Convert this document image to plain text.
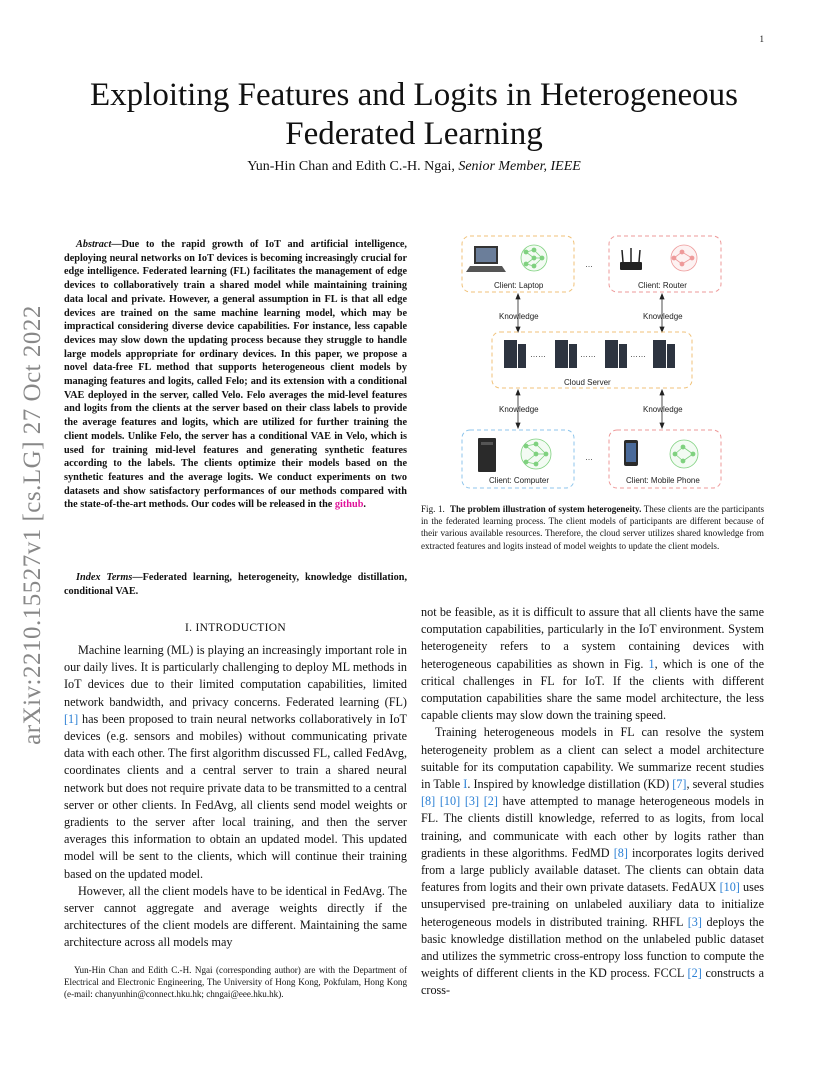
1
arXiv:2210.15527v1 [cs.LG] 27 Oct 2022
Exploiting Features and Logits in Heterogeneous Federated Learning
Yun-Hin Chan and Edith C.-H. Ngai, Senior Member, IEEE
Abstract—Due to the rapid growth of IoT and artificial intelligence, deploying neural networks on IoT devices is becoming increasingly crucial for edge intelligence. Federated learning (FL) facilitates the management of edge devices to collaboratively train a shared model while maintaining training data local and private. However, a general assumption in FL is that all edge devices are trained on the same machine learning model, which may be impractical considering diverse device capabilities. For instance, less capable devices may slow down the updating process because they struggle to handle large models appropriate for ordinary devices. In this paper, we propose a novel data-free FL method that supports heterogeneous client models by managing features and logits, called Felo; and its extension with a conditional VAE deployed in the server, called Velo. Felo averages the mid-level features and logits from the clients at the server based on their class labels to provide the average features and logits, which are utilized for further training the client models. Unlike Felo, the server has a conditional VAE in Velo, which is used for training mid-level features and generating synthetic features according to the labels. The clients optimize their models based on the synthetic features and the average logits. We conduct experiments on two datasets and show satisfactory performances of our methods compared with the state-of-the-art methods. Our codes will be released in the github.
Index Terms—Federated learning, heterogeneity, knowledge distillation, conditional VAE.
I. INTRODUCTION

Machine learning (ML) is playing an increasingly important role in our daily lives. It is particularly challenging to deploy ML methods in IoT devices due to their limited computation capabilities, limited network bandwidth, and privacy concerns. Federated learning (FL) [1] has been proposed to train neural networks collaboratively in IoT devices (e.g. sensors and mobiles) without communicating private data with each other. The first algorithm discussed FL, called FedAvg, coordinates clients and a central server to train a shared neural network but does not require private data to be transmitted to a central server or other clients. In FedAvg, all clients send model weights or gradients to the server after local training, and then the server averages this information to obtain an updated model. This updated model will be sent to the clients, which will continue their training based on the updated model.

However, all the client models have to be identical in FedAvg. The server cannot aggregate and average weights directly if the architectures of the client models are different. Maintaining the same architecture across all models may

Yun-Hin Chan and Edith C.-H. Ngai (corresponding author) are with the Department of Electrical and Electronic Engineering, The University of Hong Kong, Pokfulam, Hong Kong (e-mail: chanyunhin@connect.hku.hk; chngai@eee.hku.hk).
Client: Laptop
…
Client: Router
Knowledge	Knowledge
……	……	……
Cloud Server
Knowledge	Knowledge
Client: Computer
…
Client: Mobile Phone
Fig. 1. The problem illustration of system heterogeneity. These clients are the participants in the federated learning process. The client models of participants are different because of their various available resources. Therefore, the cloud server utilizes shared knowledge from extracted features and logits instead of model weights to update the client models.

not be feasible, as it is difficult to assure that all clients have the same computation capabilities, particularly in the IoT environment. System heterogeneity refers to a system containing devices with heterogeneous capabilities as shown in Fig. 1, which is one of the critical challenges in FL for IoT. If the clients with different computation capabilities share the same model architecture, the less capable clients may slow down the training speed.

Training heterogeneous models in FL can resolve the system heterogeneity problem as a client can select a model architecture suitable for its computation capability. We summarize recent studies in Table I. Inspired by knowledge distillation (KD) [7], several studies [8] [10] [3] [2] have attempted to manage heterogeneous models in FL. The clients distill knowledge, referred to as logits, from local training, and communicate with each other by logits rather than gradients in these algorithms. FedMD [8] incorporates logits derived from a large publicly available dataset. The clients can obtain data features from logits and their own private datasets. FedAUX [10] uses unsupervised pre-training on unlabeled auxiliary data to initialize heterogeneous models in distributed training. RHFL [3] deploys the basic knowledge distillation method on the unlabeled public dataset and utilizes the symmetric cross-entropy loss function to compute the weights of different clients in the KD process. FCCL [2] constructs a cross-
